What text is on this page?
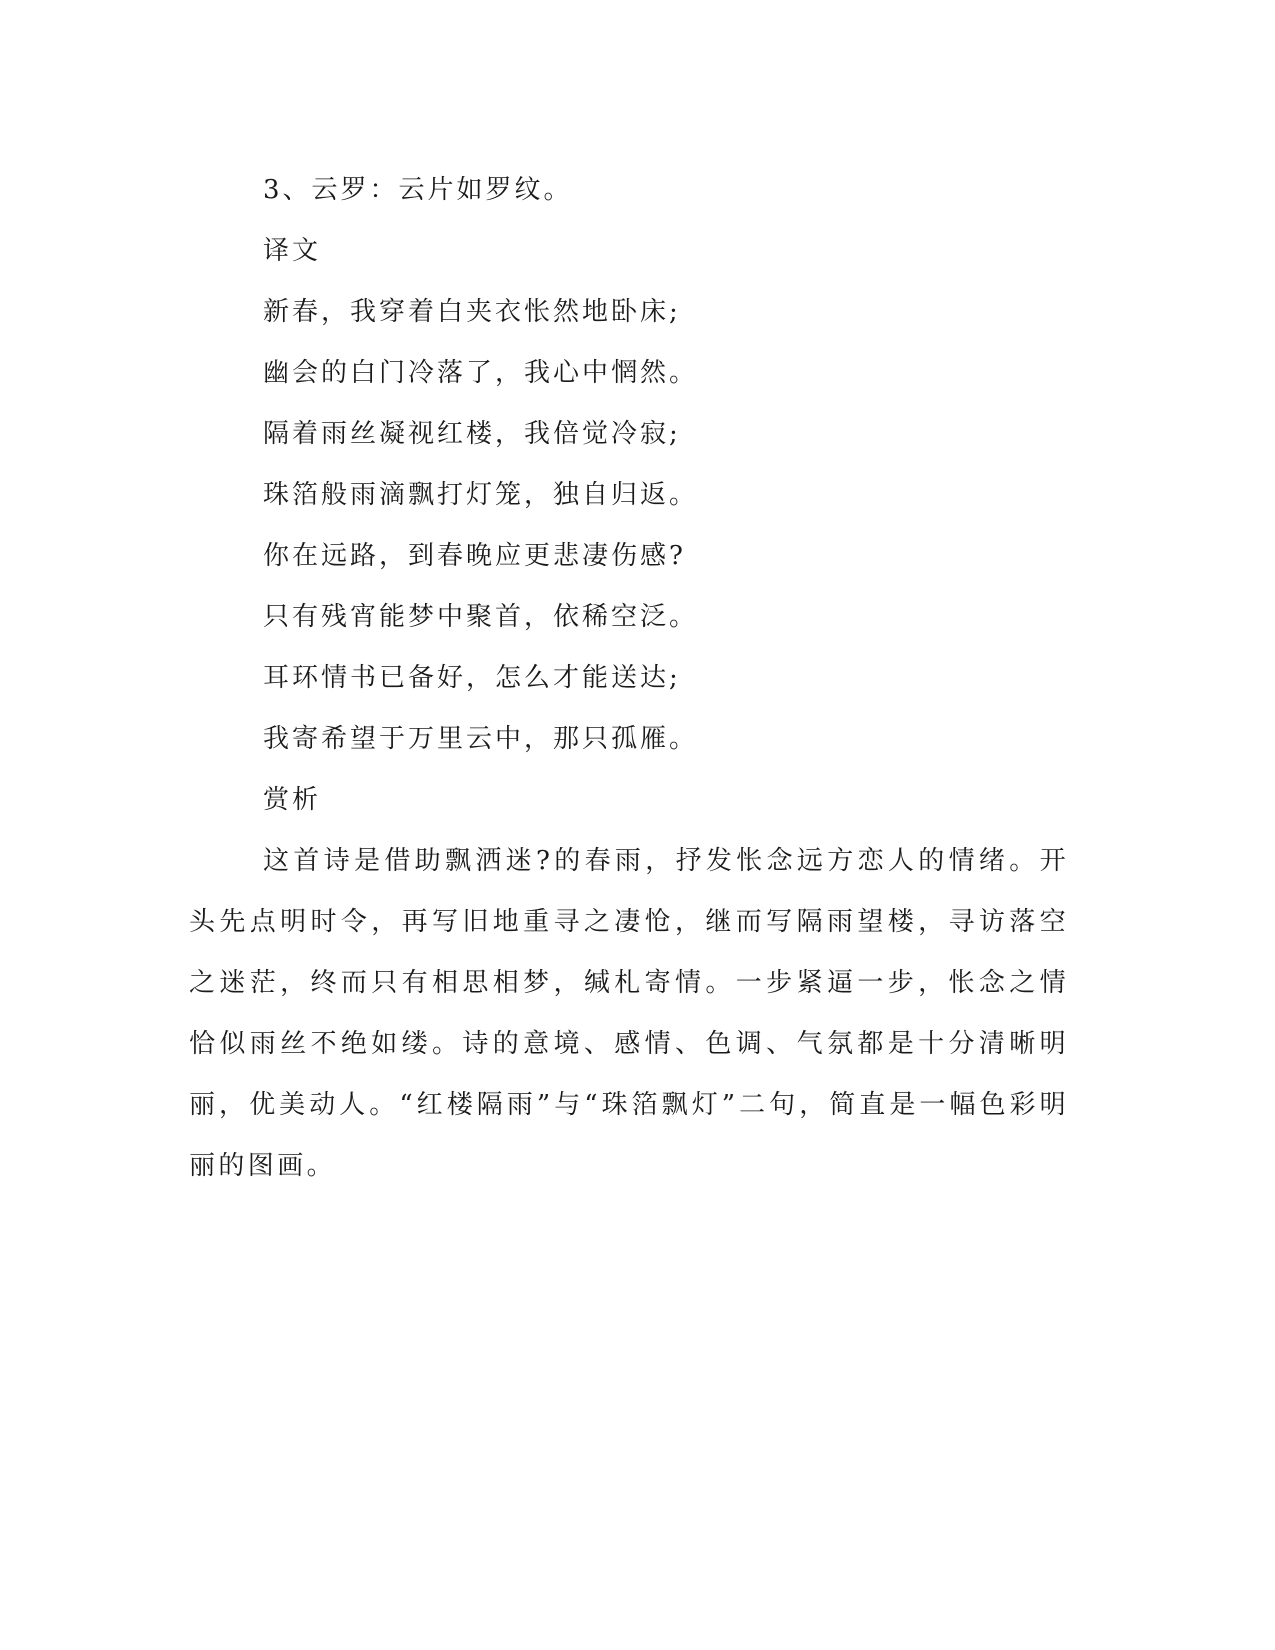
3、云罗：云片如罗纹。
译文
新春，我穿着白夹衣怅然地卧床;
幽会的白门冷落了，我心中惘然。
隔着雨丝凝视红楼，我倍觉冷寂;
珠箔般雨滴飘打灯笼，独自归返。
你在远路，到春晚应更悲凄伤感?
只有残宵能梦中聚首，依稀空泛。
耳环情书已备好，怎么才能送达;
我寄希望于万里云中，那只孤雁。
赏析
这首诗是借助飘洒迷?的春雨，抒发怅念远方恋人的情绪。开头先点明时令，再写旧地重寻之凄怆，继而写隔雨望楼，寻访落空之迷茫，终而只有相思相梦，缄札寄情。一步紧逼一步，怅念之情恰似雨丝不绝如缕。诗的意境、感情、色调、气氛都是十分清晰明丽，优美动人。“红楼隔雨”与“珠箔飘灯”二句，简直是一幅色彩明丽的图画。
